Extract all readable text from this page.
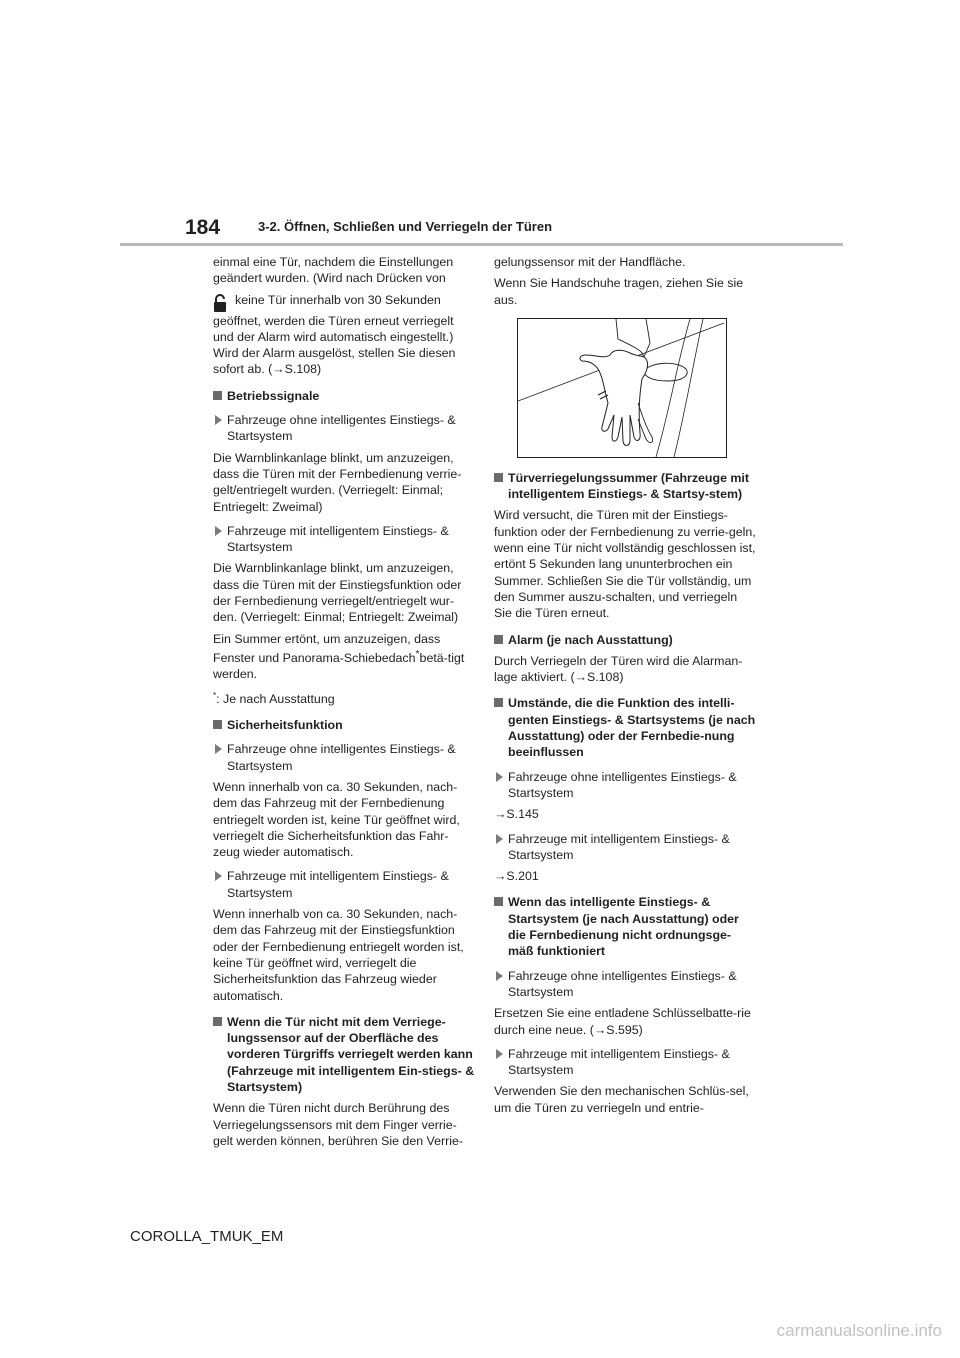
184	3-2. Öffnen, Schließen und Verriegeln der Türen

einmal eine Tür, nachdem die Einstellungen geändert wurden. (Wird nach Drücken von

keine Tür innerhalb von 30 Sekunden

geöffnet, werden die Türen erneut verriegelt und der Alarm wird automatisch eingestellt.) Wird der Alarm ausgelöst, stellen Sie diesen sofort ab. (→S.108)

Betriebssignale
Fahrzeuge ohne intelligentes Einstiegs- & Startsystem

Die Warnblinkanlage blinkt, um anzuzeigen, dass die Türen mit der Fernbedienung verrie-gelt/entriegelt wurden. (Verriegelt: Einmal; Entriegelt: Zweimal)

Fahrzeuge mit intelligentem Einstiegs- & Startsystem

Die Warnblinkanlage blinkt, um anzuzeigen, dass die Türen mit der Einstiegsfunktion oder der Fernbedienung verriegelt/entriegelt wur-den. (Verriegelt: Einmal; Entriegelt: Zweimal)

Ein Summer ertönt, um anzuzeigen, dass Fenster und Panorama-Schiebedach*betä-tigt werden.

*: Je nach Ausstattung

Sicherheitsfunktion
Fahrzeuge ohne intelligentes Einstiegs- & Startsystem

Wenn innerhalb von ca. 30 Sekunden, nach-dem das Fahrzeug mit der Fernbedienung entriegelt worden ist, keine Tür geöffnet wird, verriegelt die Sicherheitsfunktion das Fahr-zeug wieder automatisch.

Fahrzeuge mit intelligentem Einstiegs- & Startsystem

Wenn innerhalb von ca. 30 Sekunden, nach-dem das Fahrzeug mit der Einstiegsfunktion oder der Fernbedienung entriegelt worden ist, keine Tür geöffnet wird, verriegelt die Sicherheitsfunktion das Fahrzeug wieder automatisch.

Wenn die Tür nicht mit dem Verriege-lungssensor auf der Oberfläche des vorderen Türgriffs verriegelt werden kann (Fahrzeuge mit intelligentem Ein-stiegs- & Startsystem)

Wenn die Türen nicht durch Berührung des Verriegelungssensors mit dem Finger verrie-gelt werden können, berühren Sie den Verrie-

gelungssensor mit der Handfläche.

Wenn Sie Handschuhe tragen, ziehen Sie sie aus.

Türverriegelungssummer (Fahrzeuge mit intelligentem Einstiegs- & Startsy-stem)

Wird versucht, die Türen mit der Einstiegs-funktion oder der Fernbedienung zu verrie-geln, wenn eine Tür nicht vollständig geschlossen ist, ertönt 5 Sekunden lang ununterbrochen ein Summer. Schließen Sie die Tür vollständig, um den Summer auszu-schalten, und verriegeln Sie die Türen erneut.

Alarm (je nach Ausstattung)

Durch Verriegeln der Türen wird die Alarman-lage aktiviert. (→S.108)

Umstände, die die Funktion des intelli-genten Einstiegs- & Startsystems (je nach Ausstattung) oder der Fernbedie-nung beeinflussen
Fahrzeuge ohne intelligentes Einstiegs- & Startsystem

→S.145

Fahrzeuge mit intelligentem Einstiegs- & Startsystem

→S.201

Wenn das intelligente Einstiegs- & Startsystem (je nach Ausstattung) oder die Fernbedienung nicht ordnungsge-mäß funktioniert
Fahrzeuge ohne intelligentes Einstiegs- & Startsystem

Ersetzen Sie eine entladene Schlüsselbatte-rie durch eine neue. (→S.595)

Fahrzeuge mit intelligentem Einstiegs- & Startsystem

Verwenden Sie den mechanischen Schlüs-sel, um die Türen zu verriegeln und entrie-

COROLLA_TMUK_EM
carmanualsonline.info
